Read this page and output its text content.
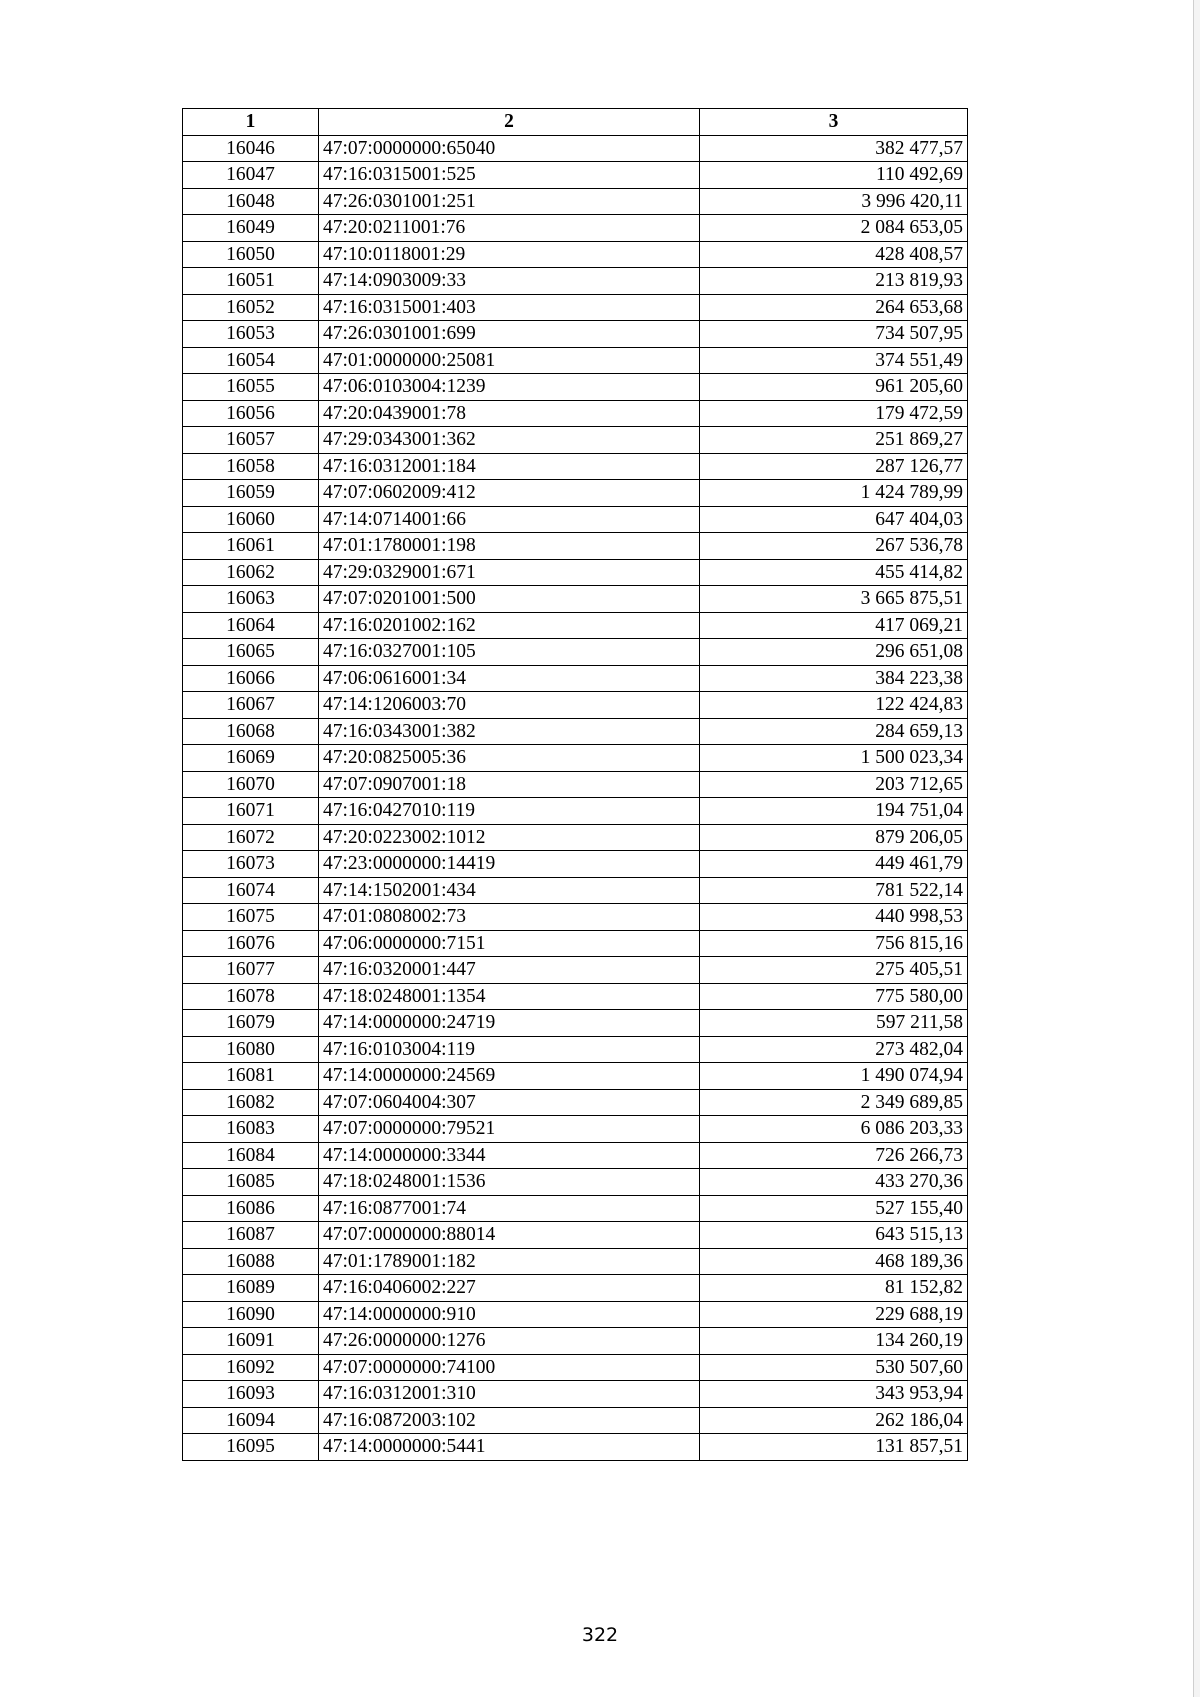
1	2	3
16046	47:07:0000000:65040	382 477,57
16047	47:16:0315001:525	110 492,69
16048	47:26:0301001:251	3 996 420,11
16049	47:20:0211001:76	2 084 653,05
16050	47:10:0118001:29	428 408,57
16051	47:14:0903009:33	213 819,93
16052	47:16:0315001:403	264 653,68
16053	47:26:0301001:699	734 507,95
16054	47:01:0000000:25081	374 551,49
16055	47:06:0103004:1239	961 205,60
16056	47:20:0439001:78	179 472,59
16057	47:29:0343001:362	251 869,27
16058	47:16:0312001:184	287 126,77
16059	47:07:0602009:412	1 424 789,99
16060	47:14:0714001:66	647 404,03
16061	47:01:1780001:198	267 536,78
16062	47:29:0329001:671	455 414,82
16063	47:07:0201001:500	3 665 875,51
16064	47:16:0201002:162	417 069,21
16065	47:16:0327001:105	296 651,08
16066	47:06:0616001:34	384 223,38
16067	47:14:1206003:70	122 424,83
16068	47:16:0343001:382	284 659,13
16069	47:20:0825005:36	1 500 023,34
16070	47:07:0907001:18	203 712,65
16071	47:16:0427010:119	194 751,04
16072	47:20:0223002:1012	879 206,05
16073	47:23:0000000:14419	449 461,79
16074	47:14:1502001:434	781 522,14
16075	47:01:0808002:73	440 998,53
16076	47:06:0000000:7151	756 815,16
16077	47:16:0320001:447	275 405,51
16078	47:18:0248001:1354	775 580,00
16079	47:14:0000000:24719	597 211,58
16080	47:16:0103004:119	273 482,04
16081	47:14:0000000:24569	1 490 074,94
16082	47:07:0604004:307	2 349 689,85
16083	47:07:0000000:79521	6 086 203,33
16084	47:14:0000000:3344	726 266,73
16085	47:18:0248001:1536	433 270,36
16086	47:16:0877001:74	527 155,40
16087	47:07:0000000:88014	643 515,13
16088	47:01:1789001:182	468 189,36
16089	47:16:0406002:227	81 152,82
16090	47:14:0000000:910	229 688,19
16091	47:26:0000000:1276	134 260,19
16092	47:07:0000000:74100	530 507,60
16093	47:16:0312001:310	343 953,94
16094	47:16:0872003:102	262 186,04
16095	47:14:0000000:5441	131 857,51
322
